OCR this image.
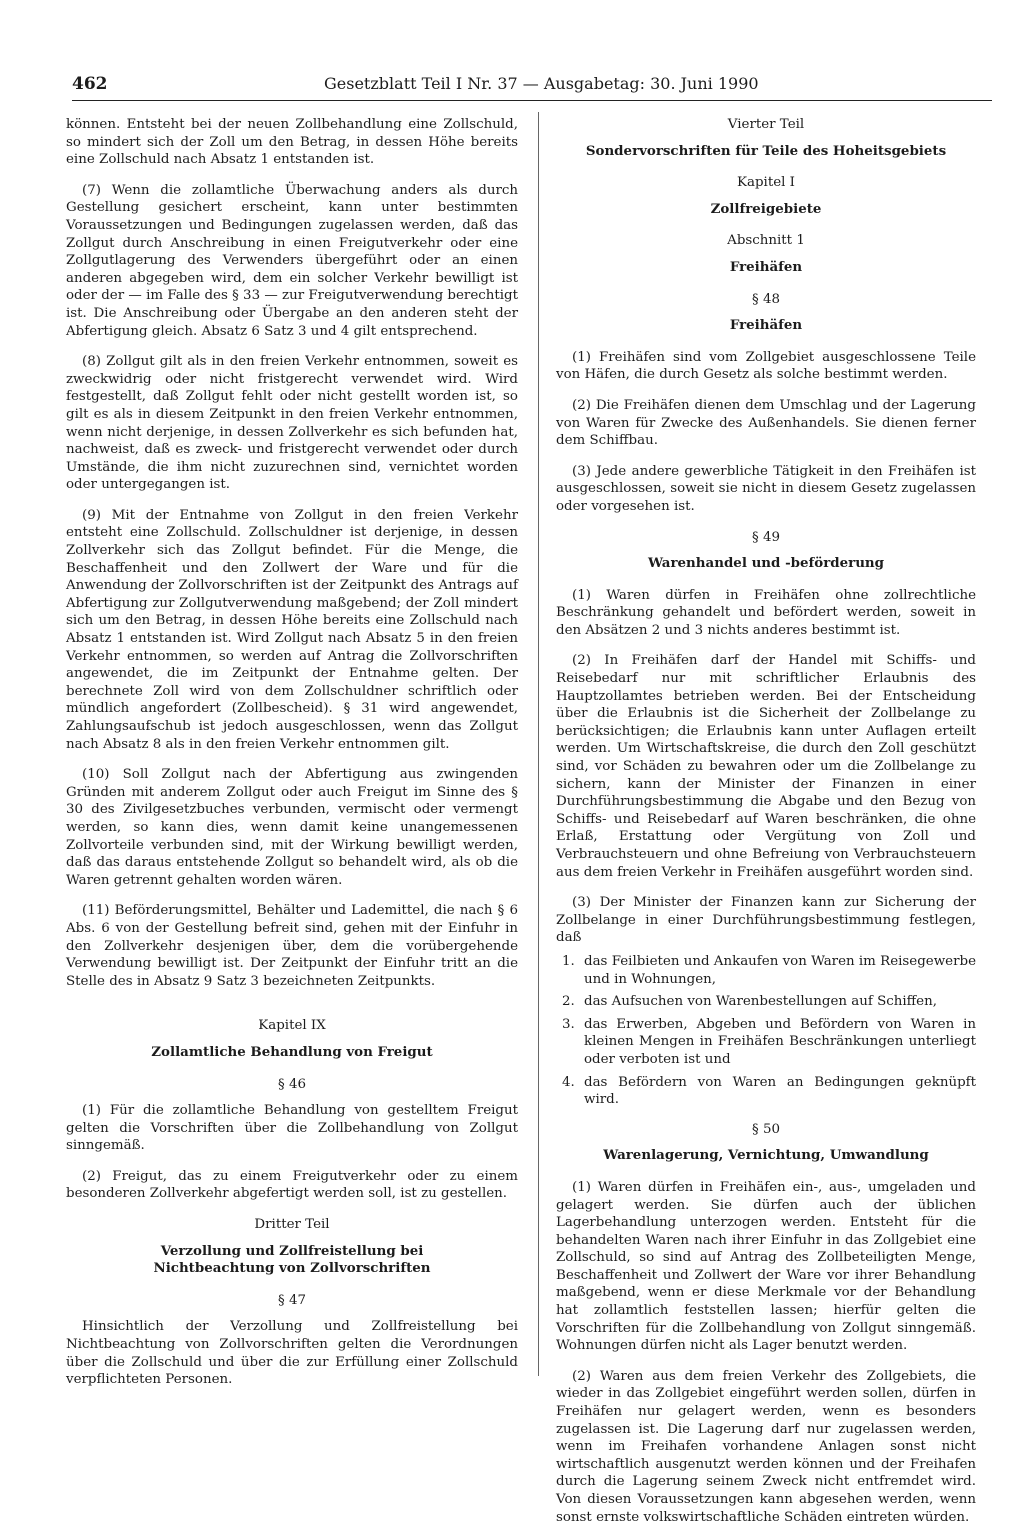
462	Gesetzblatt Teil I Nr. 37 — Ausgabetag: 30. Juni 1990

können. Entsteht bei der neuen Zollbehandlung eine Zollschuld, so mindert sich der Zoll um den Betrag, in dessen Höhe bereits eine Zollschuld nach Absatz 1 entstanden ist.

(7) Wenn die zollamtliche Überwachung anders als durch Gestellung gesichert erscheint, kann unter bestimmten Voraussetzungen und Bedingungen zugelassen werden, daß das Zollgut durch Anschreibung in einen Freigutverkehr oder eine Zollgutlagerung des Verwenders übergeführt oder an einen anderen abgegeben wird, dem ein solcher Verkehr bewilligt ist oder der — im Falle des § 33 — zur Freigutverwendung berechtigt ist. Die Anschreibung oder Übergabe an den anderen steht der Abfertigung gleich. Absatz 6 Satz 3 und 4 gilt entsprechend.

(8) Zollgut gilt als in den freien Verkehr entnommen, soweit es zweckwidrig oder nicht fristgerecht verwendet wird. Wird festgestellt, daß Zollgut fehlt oder nicht gestellt worden ist, so gilt es als in diesem Zeitpunkt in den freien Verkehr entnommen, wenn nicht derjenige, in dessen Zollverkehr es sich befunden hat, nachweist, daß es zweck- und fristgerecht verwendet oder durch Umstände, die ihm nicht zuzurechnen sind, vernichtet worden oder untergegangen ist.

(9) Mit der Entnahme von Zollgut in den freien Verkehr entsteht eine Zollschuld. Zollschuldner ist derjenige, in dessen Zollverkehr sich das Zollgut befindet. Für die Menge, die Beschaffenheit und den Zollwert der Ware und für die Anwendung der Zollvorschriften ist der Zeitpunkt des Antrags auf Abfertigung zur Zollgutverwendung maßgebend; der Zoll mindert sich um den Betrag, in dessen Höhe bereits eine Zollschuld nach Absatz 1 entstanden ist. Wird Zollgut nach Absatz 5 in den freien Verkehr entnommen, so werden auf Antrag die Zollvorschriften angewendet, die im Zeitpunkt der Entnahme gelten. Der berechnete Zoll wird von dem Zollschuldner schriftlich oder mündlich angefordert (Zollbescheid). § 31 wird angewendet, Zahlungsaufschub ist jedoch ausgeschlossen, wenn das Zollgut nach Absatz 8 als in den freien Verkehr entnommen gilt.

(10) Soll Zollgut nach der Abfertigung aus zwingenden Gründen mit anderem Zollgut oder auch Freigut im Sinne des § 30 des Zivilgesetzbuches verbunden, vermischt oder vermengt werden, so kann dies, wenn damit keine unangemessenen Zollvorteile verbunden sind, mit der Wirkung bewilligt werden, daß das daraus entstehende Zollgut so behandelt wird, als ob die Waren getrennt gehalten worden wären.

(11) Beförderungsmittel, Behälter und Lademittel, die nach § 6 Abs. 6 von der Gestellung befreit sind, gehen mit der Einfuhr in den Zollverkehr desjenigen über, dem die vorübergehende Verwendung bewilligt ist. Der Zeitpunkt der Einfuhr tritt an die Stelle des in Absatz 9 Satz 3 bezeichneten Zeitpunkts.

Kapitel IX
Zollamtliche Behandlung von Freigut
§ 46

(1) Für die zollamtliche Behandlung von gestelltem Freigut gelten die Vorschriften über die Zollbehandlung von Zollgut sinngemäß.

(2) Freigut, das zu einem Freigutverkehr oder zu einem besonderen Zollverkehr abgefertigt werden soll, ist zu gestellen.

Dritter Teil
Verzollung und Zollfreistellung bei
Nichtbeachtung von Zollvorschriften
§ 47

Hinsichtlich der Verzollung und Zollfreistellung bei Nichtbeachtung von Zollvorschriften gelten die Verordnungen über die Zollschuld und über die zur Erfüllung einer Zollschuld verpflichteten Personen.

Vierter Teil
Sondervorschriften für Teile des Hoheitsgebiets
Kapitel I
Zollfreigebiete
Abschnitt 1
Freihäfen
§ 48
Freihäfen

(1) Freihäfen sind vom Zollgebiet ausgeschlossene Teile von Häfen, die durch Gesetz als solche bestimmt werden.

(2) Die Freihäfen dienen dem Umschlag und der Lagerung von Waren für Zwecke des Außenhandels. Sie dienen ferner dem Schiffbau.

(3) Jede andere gewerbliche Tätigkeit in den Freihäfen ist ausgeschlossen, soweit sie nicht in diesem Gesetz zugelassen oder vorgesehen ist.

§ 49
Warenhandel und -beförderung

(1) Waren dürfen in Freihäfen ohne zollrechtliche Beschränkung gehandelt und befördert werden, soweit in den Absätzen 2 und 3 nichts anderes bestimmt ist.

(2) In Freihäfen darf der Handel mit Schiffs- und Reisebedarf nur mit schriftlicher Erlaubnis des Hauptzollamtes betrieben werden. Bei der Entscheidung über die Erlaubnis ist die Sicherheit der Zollbelange zu berücksichtigen; die Erlaubnis kann unter Auflagen erteilt werden. Um Wirtschaftskreise, die durch den Zoll geschützt sind, vor Schäden zu bewahren oder um die Zollbelange zu sichern, kann der Minister der Finanzen in einer Durchführungsbestimmung die Abgabe und den Bezug von Schiffs- und Reisebedarf auf Waren beschränken, die ohne Erlaß, Erstattung oder Vergütung von Zoll und Verbrauchsteuern und ohne Befreiung von Verbrauchsteuern aus dem freien Verkehr in Freihäfen ausgeführt worden sind.

(3) Der Minister der Finanzen kann zur Sicherung der Zollbelange in einer Durchführungsbestimmung festlegen, daß

1. das Feilbieten und Ankaufen von Waren im Reisegewerbe und in Wohnungen,
2. das Aufsuchen von Warenbestellungen auf Schiffen,
3. das Erwerben, Abgeben und Befördern von Waren in kleinen Mengen in Freihäfen Beschränkungen unterliegt oder verboten ist und
4. das Befördern von Waren an Bedingungen geknüpft wird.
§ 50
Warenlagerung, Vernichtung, Umwandlung

(1) Waren dürfen in Freihäfen ein-, aus-, umgeladen und gelagert werden. Sie dürfen auch der üblichen Lagerbehandlung unterzogen werden. Entsteht für die behandelten Waren nach ihrer Einfuhr in das Zollgebiet eine Zollschuld, so sind auf Antrag des Zollbeteiligten Menge, Beschaffenheit und Zollwert der Ware vor ihrer Behandlung maßgebend, wenn er diese Merkmale vor der Behandlung hat zollamtlich feststellen lassen; hierfür gelten die Vorschriften für die Zollbehandlung von Zollgut sinngemäß. Wohnungen dürfen nicht als Lager benutzt werden.

(2) Waren aus dem freien Verkehr des Zollgebiets, die wieder in das Zollgebiet eingeführt werden sollen, dürfen in Freihäfen nur gelagert werden, wenn es besonders zugelassen ist. Die Lagerung darf nur zugelassen werden, wenn im Freihafen vorhandene Anlagen sonst nicht wirtschaftlich ausgenutzt werden können und der Freihafen durch die Lagerung seinem Zweck nicht entfremdet wird. Von diesen Voraussetzungen kann abgesehen werden, wenn sonst ernste volkswirtschaftliche Schäden eintreten würden.
